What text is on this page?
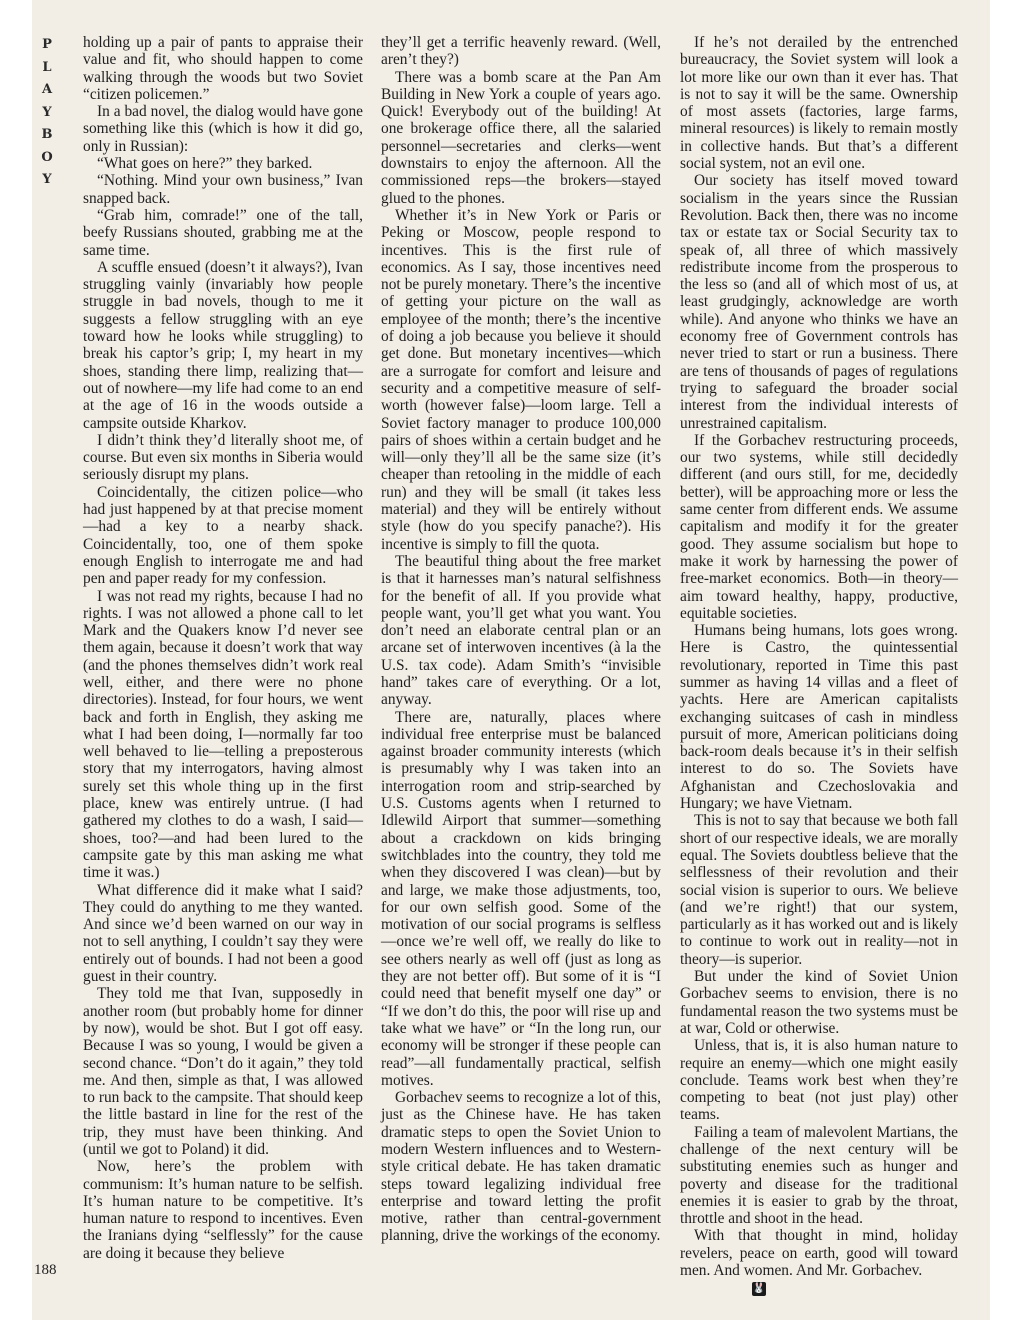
P
L
A
Y
B
O
Y

holding up a pair of pants to appraise their value and fit, who should happen to come walking through the woods but two Soviet “citizen policemen.”

In a bad novel, the dialog would have gone something like this (which is how it did go, only in Russian):

“What goes on here?” they barked.

“Nothing. Mind your own business,” Ivan snapped back.

“Grab him, comrade!” one of the tall, beefy Russians shouted, grabbing me at the same time.

A scuffle ensued (doesn’t it always?), Ivan struggling vainly (invariably how people struggle in bad novels, though to me it suggests a fellow struggling with an eye toward how he looks while struggling) to break his captor’s grip; I, my heart in my shoes, standing there limp, realizing that—out of nowhere—my life had come to an end at the age of 16 in the woods outside a campsite outside Kharkov.

I didn’t think they’d literally shoot me, of course. But even six months in Siberia would seriously disrupt my plans.

Coincidentally, the citizen police—who had just happened by at that precise moment—had a key to a nearby shack. Coincidentally, too, one of them spoke enough English to interrogate me and had pen and paper ready for my confession.

I was not read my rights, because I had no rights. I was not allowed a phone call to let Mark and the Quakers know I’d never see them again, because it doesn’t work that way (and the phones themselves didn’t work real well, either, and there were no phone directories). Instead, for four hours, we went back and forth in English, they asking me what I had been doing, I—normally far too well behaved to lie—telling a preposterous story that my interrogators, having almost surely set this whole thing up in the first place, knew was entirely untrue. (I had gathered my clothes to do a wash, I said—shoes, too?—and had been lured to the campsite gate by this man asking me what time it was.)

What difference did it make what I said? They could do anything to me they wanted. And since we’d been warned on our way in not to sell anything, I couldn’t say they were entirely out of bounds. I had not been a good guest in their country.

They told me that Ivan, supposedly in another room (but probably home for dinner by now), would be shot. But I got off easy. Because I was so young, I would be given a second chance. “Don’t do it again,” they told me. And then, simple as that, I was allowed to run back to the campsite. That should keep the little bastard in line for the rest of the trip, they must have been thinking. And (until we got to Poland) it did.

Now, here’s the problem with communism: It’s human nature to be selfish. It’s human nature to be competitive. It’s human nature to respond to incentives. Even the Iranians dying “selflessly” for the cause are doing it because they believe

they’ll get a terrific heavenly reward. (Well, aren’t they?)

There was a bomb scare at the Pan Am Building in New York a couple of years ago. Quick! Everybody out of the building! At one brokerage office there, all the salaried personnel—secretaries and clerks—went downstairs to enjoy the afternoon. All the commissioned reps—the brokers—stayed glued to the phones.

Whether it’s in New York or Paris or Peking or Moscow, people respond to incentives. This is the first rule of economics. As I say, those incentives need not be purely monetary. There’s the incentive of getting your picture on the wall as employee of the month; there’s the incentive of doing a job because you believe it should get done. But monetary incentives—which are a surrogate for comfort and leisure and security and a competitive measure of self-worth (however false)—loom large. Tell a Soviet factory manager to produce 100,000 pairs of shoes within a certain budget and he will—only they’ll all be the same size (it’s cheaper than retooling in the middle of each run) and they will be small (it takes less material) and they will be entirely without style (how do you specify panache?). His incentive is simply to fill the quota.

The beautiful thing about the free market is that it harnesses man’s natural selfishness for the benefit of all. If you provide what people want, you’ll get what you want. You don’t need an elaborate central plan or an arcane set of interwoven incentives (à la the U.S. tax code). Adam Smith’s “invisible hand” takes care of everything. Or a lot, anyway.

There are, naturally, places where individual free enterprise must be balanced against broader community interests (which is presumably why I was taken into an interrogation room and strip-searched by U.S. Customs agents when I returned to Idlewild Airport that summer—something about a crackdown on kids bringing switchblades into the country, they told me when they discovered I was clean)—but by and large, we make those adjustments, too, for our own selfish good. Some of the motivation of our social programs is selfless—once we’re well off, we really do like to see others nearly as well off (just as long as they are not better off). But some of it is “I could need that benefit myself one day” or “If we don’t do this, the poor will rise up and take what we have” or “In the long run, our economy will be stronger if these people can read”—all fundamentally practical, selfish motives.

Gorbachev seems to recognize a lot of this, just as the Chinese have. He has taken dramatic steps to open the Soviet Union to modern Western influences and to Western-style critical debate. He has taken dramatic steps toward legalizing individual free enterprise and toward letting the profit motive, rather than central-government planning, drive the workings of the economy.

If he’s not derailed by the entrenched bureaucracy, the Soviet system will look a lot more like our own than it ever has. That is not to say it will be the same. Ownership of most assets (factories, large farms, mineral resources) is likely to remain mostly in collective hands. But that’s a different social system, not an evil one.

Our society has itself moved toward socialism in the years since the Russian Revolution. Back then, there was no income tax or estate tax or Social Security tax to speak of, all three of which massively redistribute income from the prosperous to the less so (and all of which most of us, at least grudgingly, acknowledge are worth while). And anyone who thinks we have an economy free of Government controls has never tried to start or run a business. There are tens of thousands of pages of regulations trying to safeguard the broader social interest from the individual interests of unrestrained capitalism.

If the Gorbachev restructuring proceeds, our two systems, while still decidedly different (and ours still, for me, decidedly better), will be approaching more or less the same center from different ends. We assume capitalism and modify it for the greater good. They assume socialism but hope to make it work by harnessing the power of free-market economics. Both—in theory—aim toward healthy, happy, productive, equitable societies.

Humans being humans, lots goes wrong. Here is Castro, the quintessential revolutionary, reported in Time this past summer as having 14 villas and a fleet of yachts. Here are American capitalists exchanging suitcases of cash in mindless pursuit of more, American politicians doing back-room deals because it’s in their selfish interest to do so. The Soviets have Afghanistan and Czechoslovakia and Hungary; we have Vietnam.

This is not to say that because we both fall short of our respective ideals, we are morally equal. The Soviets doubtless believe that the selflessness of their revolution and their social vision is superior to ours. We believe (and we’re right!) that our system, particularly as it has worked out and is likely to continue to work out in reality—not in theory—is superior.

But under the kind of Soviet Union Gorbachev seems to envision, there is no fundamental reason the two systems must be at war, Cold or otherwise.

Unless, that is, it is also human nature to require an enemy—which one might easily conclude. Teams work best when they’re competing to beat (not just play) other teams.

Failing a team of malevolent Martians, the challenge of the next century will be substituting enemies such as hunger and poverty and disease for the traditional enemies it is easier to grab by the throat, throttle and shoot in the head.

With that thought in mind, holiday revelers, peace on earth, good will toward men. And women. And Mr. Gorbachev.

🐰

188
